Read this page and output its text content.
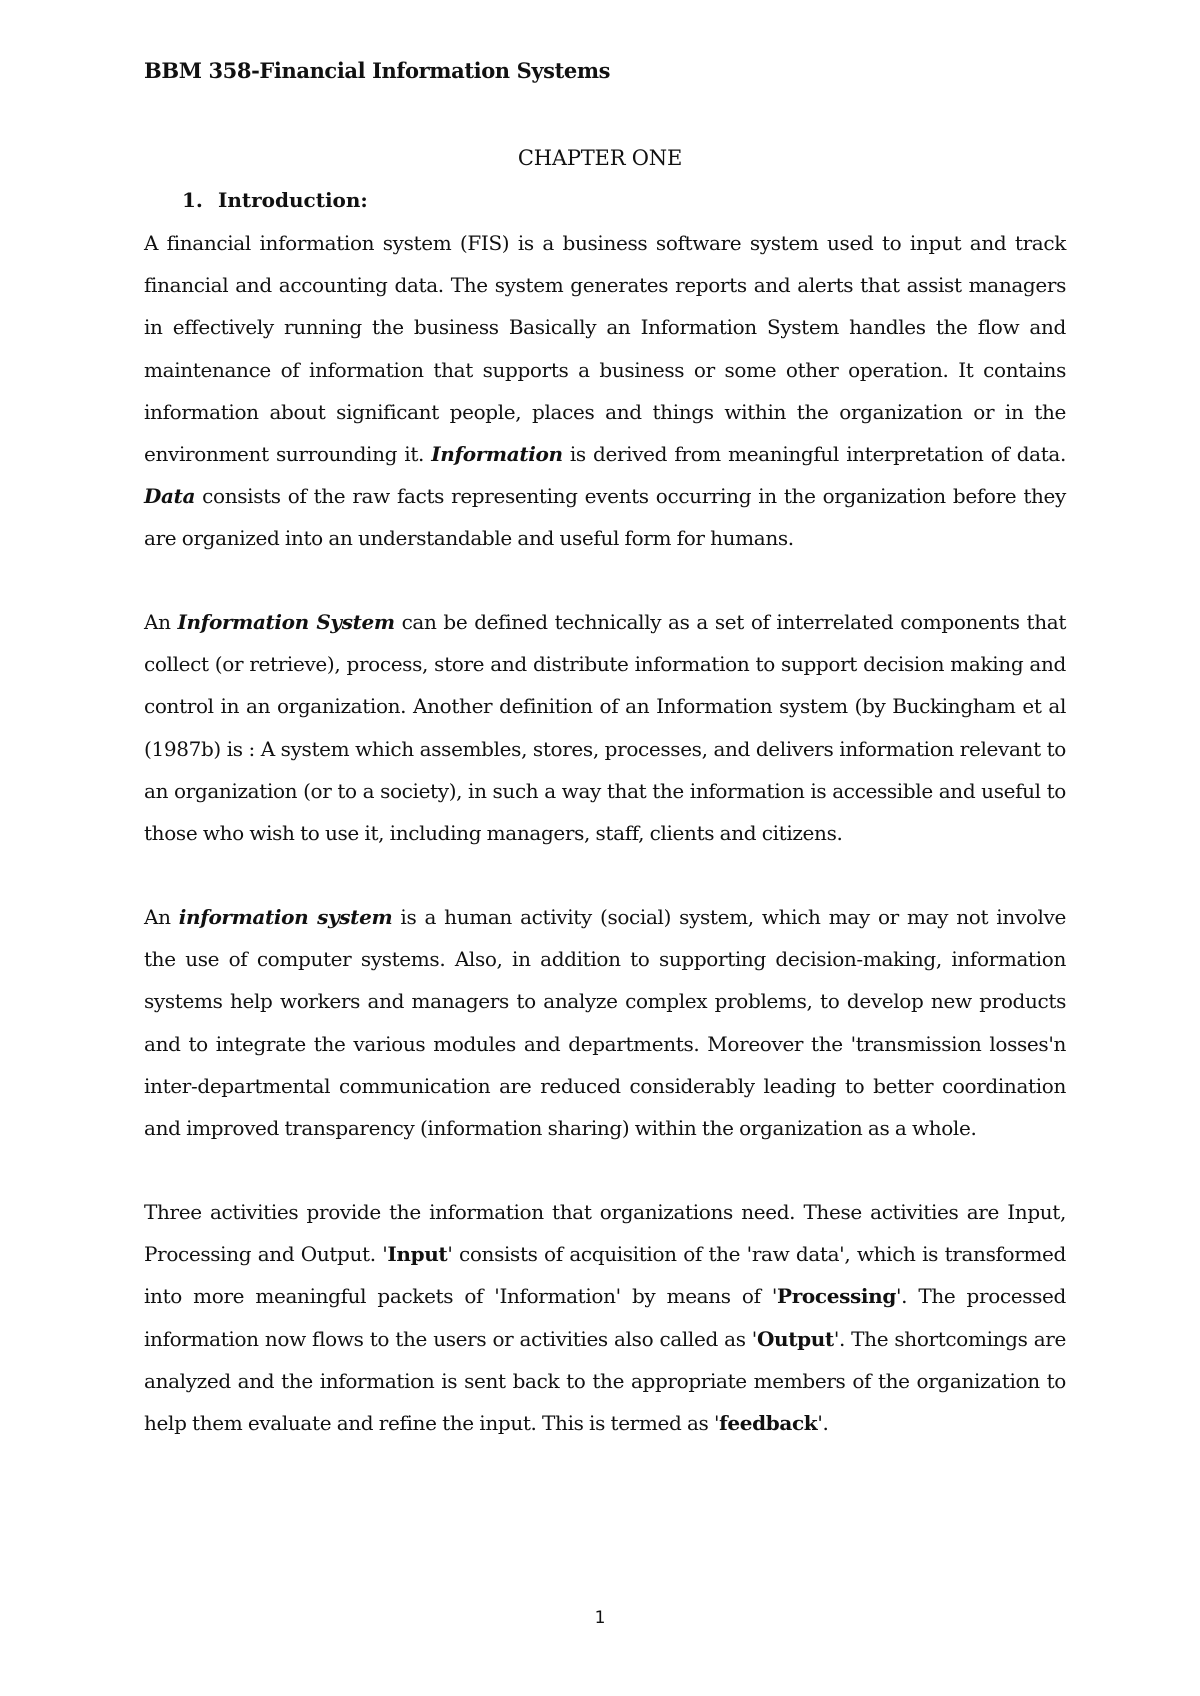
BBM 358-Financial Information Systems
CHAPTER ONE
1. Introduction:
A financial information system (FIS) is a business software system used to input and track financial and accounting data. The system generates reports and alerts that assist managers in effectively running the business Basically an Information System handles the flow and maintenance of information that supports a business or some other operation. It contains information about significant people, places and things within the organization or in the environment surrounding it. Information is derived from meaningful interpretation of data. Data consists of the raw facts representing events occurring in the organization before they are organized into an understandable and useful form for humans.
An Information System can be defined technically as a set of interrelated components that collect (or retrieve), process, store and distribute information to support decision making and control in an organization. Another definition of an Information system (by Buckingham et al (1987b) is : A system which assembles, stores, processes, and delivers information relevant to an organization (or to a society), in such a way that the information is accessible and useful to those who wish to use it, including managers, staff, clients and citizens.
An information system is a human activity (social) system, which may or may not involve the use of computer systems. Also, in addition to supporting decision-making, information systems help workers and managers to analyze complex problems, to develop new products and to integrate the various modules and departments. Moreover the 'transmission losses'n inter-departmental communication are reduced considerably leading to better coordination and improved transparency (information sharing) within the organization as a whole.
Three activities provide the information that organizations need. These activities are Input, Processing and Output. 'Input' consists of acquisition of the 'raw data', which is transformed into more meaningful packets of 'Information' by means of 'Processing'. The processed information now flows to the users or activities also called as 'Output'. The shortcomings are analyzed and the information is sent back to the appropriate members of the organization to help them evaluate and refine the input. This is termed as 'feedback'.
1
